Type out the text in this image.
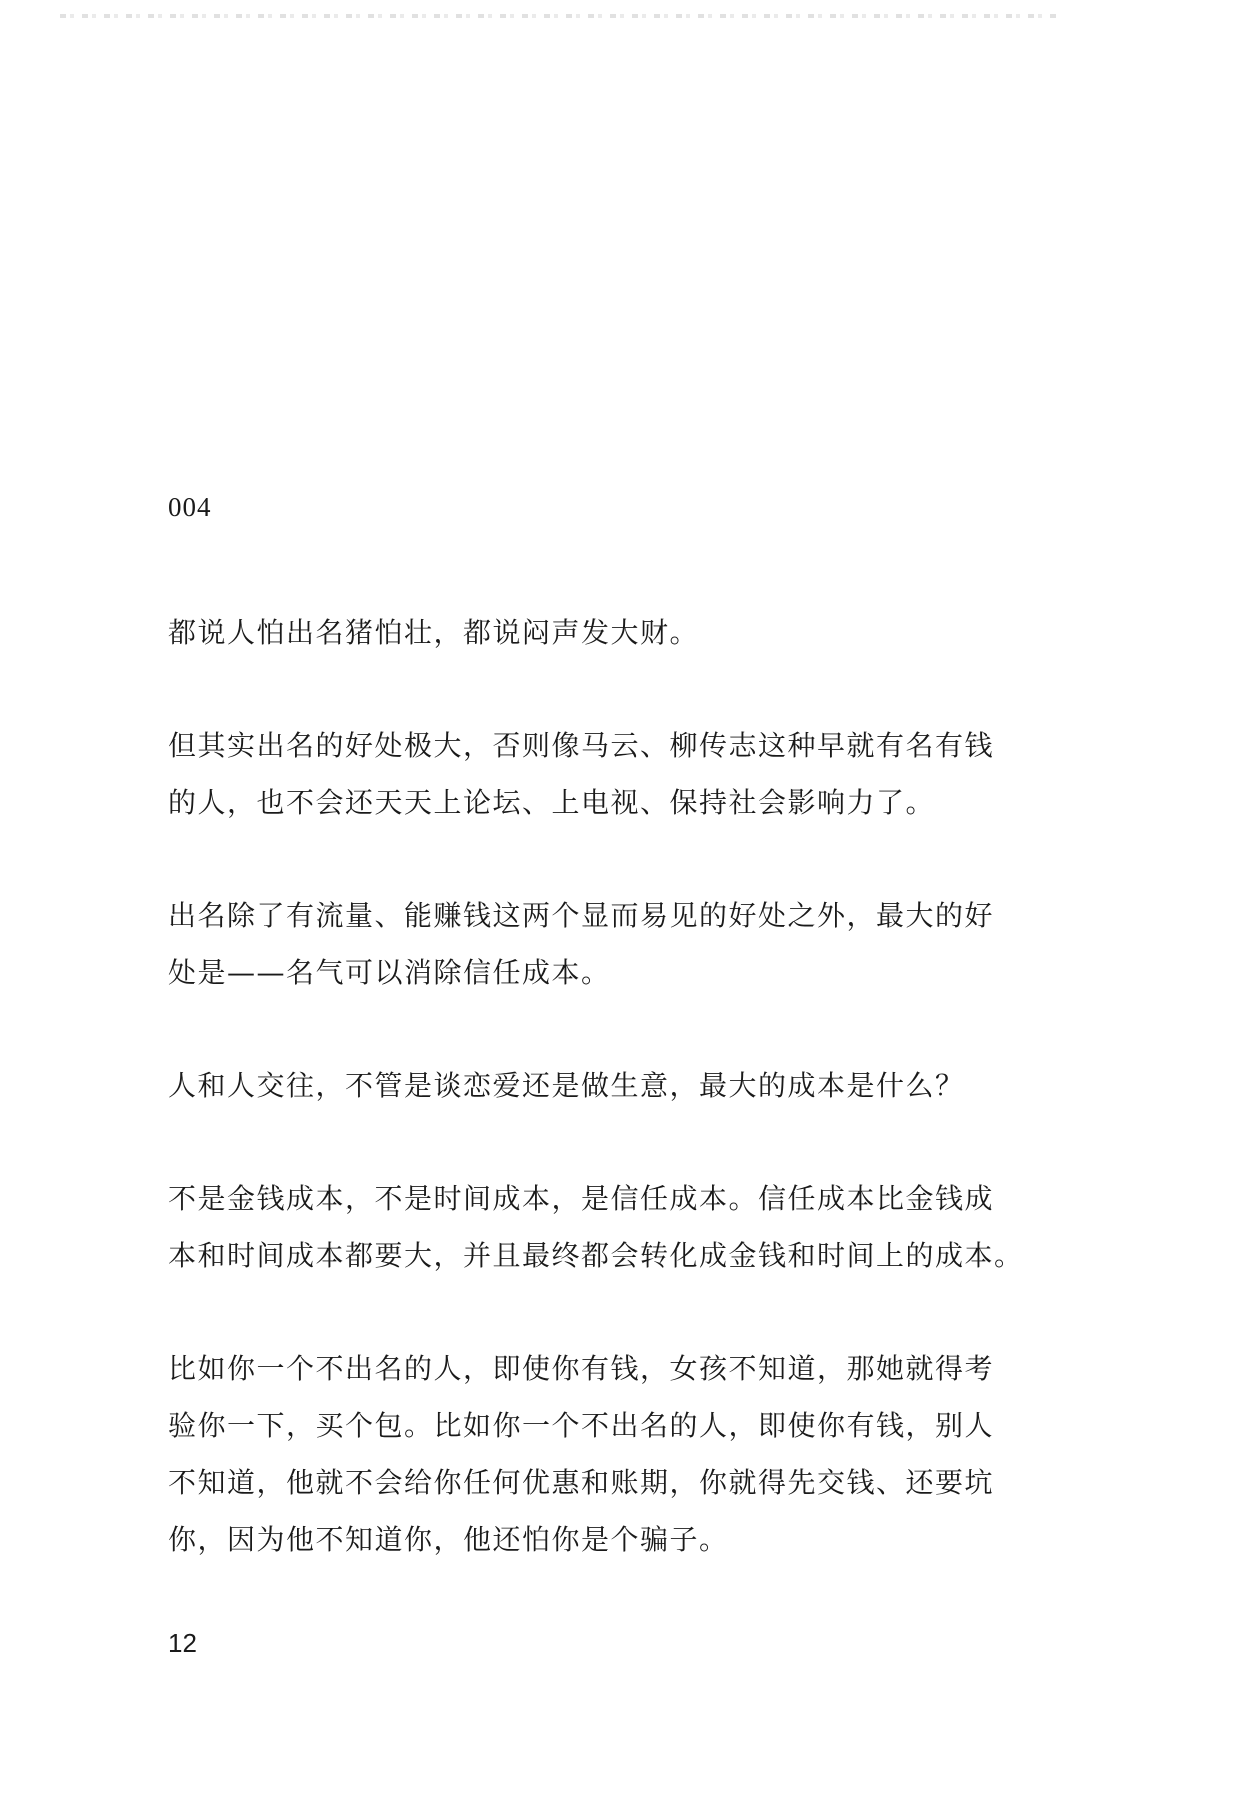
004

都说人怕出名猪怕壮，都说闷声发大财。

但其实出名的好处极大，否则像马云、柳传志这种早就有名有钱
的人，也不会还天天上论坛、上电视、保持社会影响力了。

出名除了有流量、能赚钱这两个显而易见的好处之外，最大的好
处是——名气可以消除信任成本。

人和人交往，不管是谈恋爱还是做生意，最大的成本是什么？

不是金钱成本，不是时间成本，是信任成本。信任成本比金钱成
本和时间成本都要大，并且最终都会转化成金钱和时间上的成本。

比如你一个不出名的人，即使你有钱，女孩不知道，那她就得考
验你一下，买个包。比如你一个不出名的人，即使你有钱，别人
不知道，他就不会给你任何优惠和账期，你就得先交钱、还要坑
你，因为他不知道你，他还怕你是个骗子。

12
